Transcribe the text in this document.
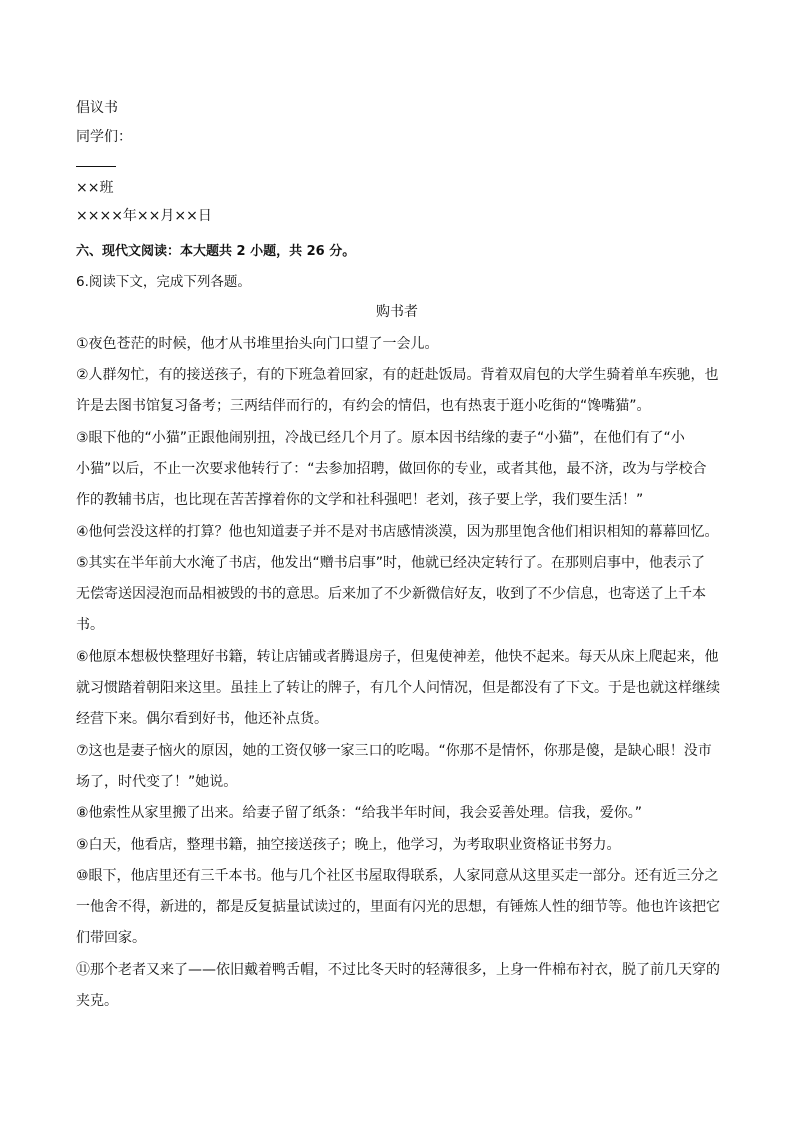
倡议书
同学们：
××班
××××年××月××日
六、现代文阅读：本大题共 2 小题，共 26 分。
6.阅读下文，完成下列各题。
购书者
①夜色苍茫的时候，他才从书堆里抬头向门口望了一会儿。
②人群匆忙，有的接送孩子，有的下班急着回家，有的赶赴饭局。背着双肩包的大学生骑着单车疾驰，也
许是去图书馆复习备考；三两结伴而行的，有约会的情侣，也有热衷于逛小吃街的“馋嘴猫”。
③眼下他的“小猫”正跟他闹别扭，冷战已经几个月了。原本因书结缘的妻子“小猫”，在他们有了“小
小猫”以后，不止一次要求他转行了：“去参加招聘，做回你的专业，或者其他，最不济，改为与学校合
作的教辅书店，也比现在苦苦撑着你的文学和社科强吧！老刘，孩子要上学，我们要生活！”
④他何尝没这样的打算？他也知道妻子并不是对书店感情淡漠，因为那里饱含他们相识相知的幕幕回忆。
⑤其实在半年前大水淹了书店，他发出“赠书启事”时，他就已经决定转行了。在那则启事中，他表示了
无偿寄送因浸泡而品相被毁的书的意思。后来加了不少新微信好友，收到了不少信息，也寄送了上千本
书。
⑥他原本想极快整理好书籍，转让店铺或者腾退房子，但鬼使神差，他快不起来。每天从床上爬起来，他
就习惯踏着朝阳来这里。虽挂上了转让的牌子，有几个人问情况，但是都没有了下文。于是也就这样继续
经营下来。偶尔看到好书，他还补点货。
⑦这也是妻子恼火的原因，她的工资仅够一家三口的吃喝。“你那不是情怀，你那是傻，是缺心眼！没市
场了，时代变了！”她说。
⑧他索性从家里搬了出来。给妻子留了纸条：“给我半年时间，我会妥善处理。信我，爱你。”
⑨白天，他看店，整理书籍，抽空接送孩子；晚上，他学习，为考取职业资格证书努力。
⑩眼下，他店里还有三千本书。他与几个社区书屋取得联系，人家同意从这里买走一部分。还有近三分之
一他舍不得，新进的，都是反复掂量试读过的，里面有闪光的思想，有锤炼人性的细节等。他也许该把它
们带回家。
⑪那个老者又来了——依旧戴着鸭舌帽，不过比冬天时的轻薄很多，上身一件棉布衬衣，脱了前几天穿的
夹克。
